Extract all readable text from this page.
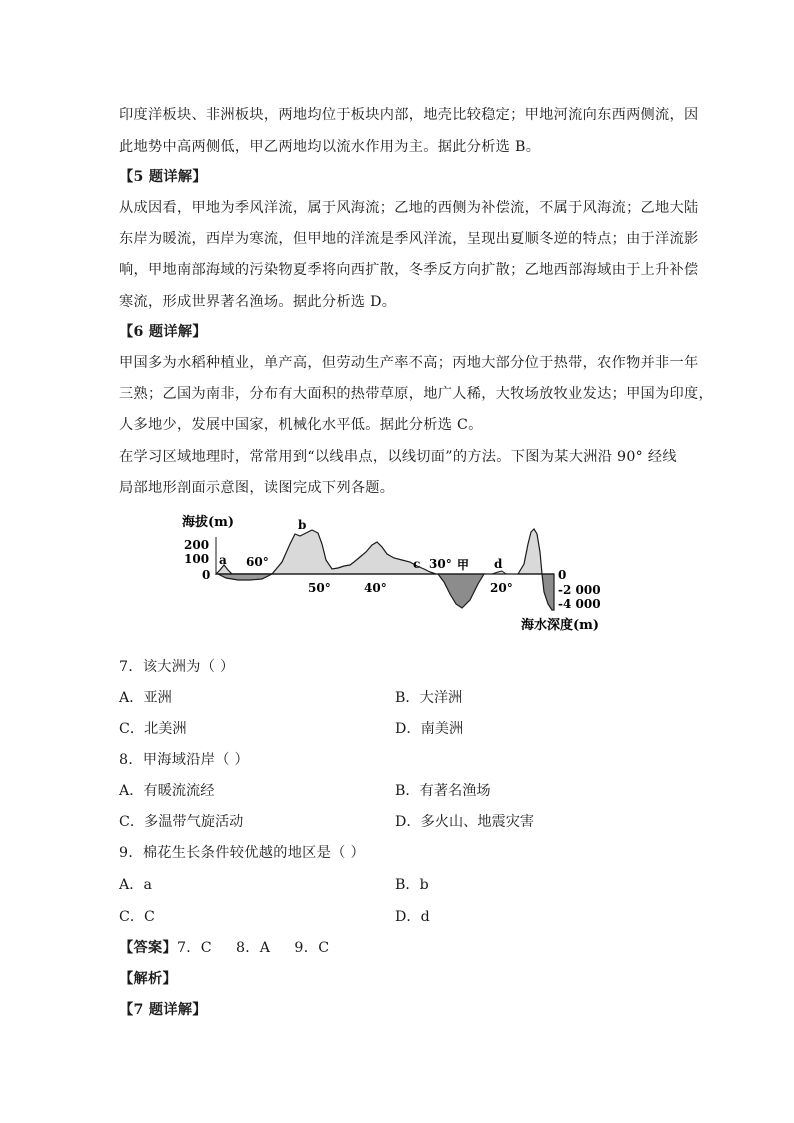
印度洋板块、非洲板块，两地均位于板块内部，地壳比较稳定；甲地河流向东西两侧流，因
此地势中高两侧低，甲乙两地均以流水作用为主。据此分析选 B。
【5 题详解】
从成因看，甲地为季风洋流，属于风海流；乙地的西侧为补偿流，不属于风海流；乙地大陆
东岸为暖流，西岸为寒流，但甲地的洋流是季风洋流，呈现出夏顺冬逆的特点；由于洋流影
响，甲地南部海域的污染物夏季将向西扩散，冬季反方向扩散；乙地西部海域由于上升补偿
寒流，形成世界著名渔场。据此分析选 D。
【6 题详解】
甲国多为水稻种植业，单产高，但劳动生产率不高；丙地大部分位于热带，农作物并非一年
三熟；乙国为南非，分布有大面积的热带草原，地广人稀，大牧场放牧业发达；甲国为印度，
人多地少，发展中国家，机械化水平低。据此分析选 C。
在学习区域地理时，常常用到“以线串点，以线切面”的方法。下图为某大洲沿 90° 经线
局部地形剖面示意图，读图完成下列各题。
海拔(m)
200
100
0	0
-2 000
-4 000
海水深度(m)
60°	30°
50°	40°	20°
a
b
c	d
甲
7．该大洲为（ ）
A．亚洲	B．大洋洲
C．北美洲	D．南美洲
8．甲海域沿岸（ ）
A．有暖流流经	B．有著名渔场
C．多温带气旋活动	D．多火山、地震灾害
9．棉花生长条件较优越的地区是（ ）
A．a	B．b
C．C	D．d
【答案】7．C     8．A     9．C
【解析】
【7 题详解】
